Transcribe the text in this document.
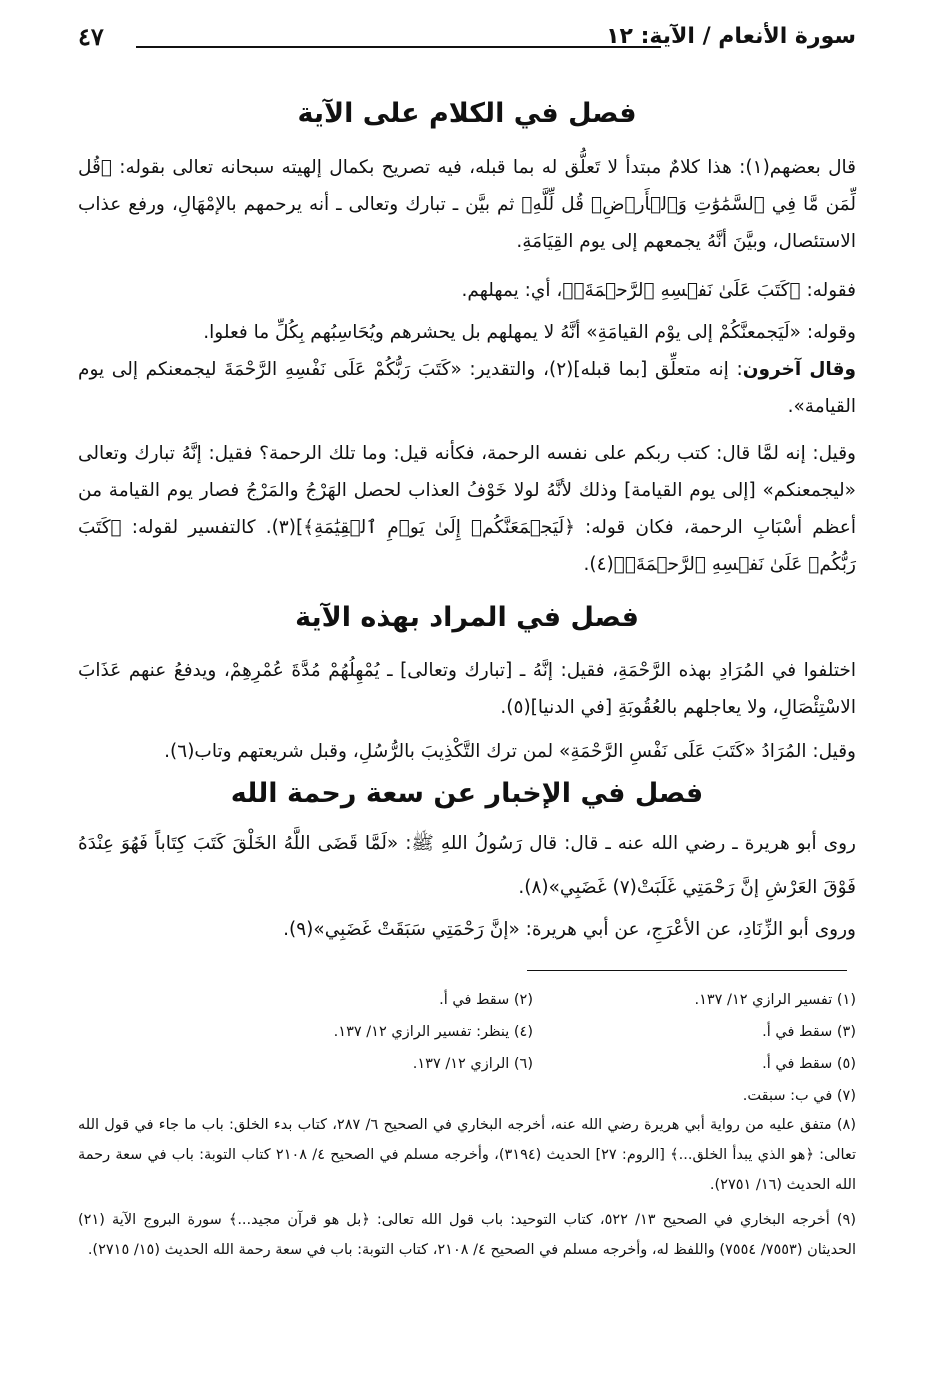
سورة الأنعام / الآية: ١٢
٤٧
فصل في الكلام على الآية
قال بعضهم(١): هذا كلامٌ مبتدأ لا تَعلُّق له بما قبله، فيه تصريح بكمال إلهيته سبحانه تعالى بقوله: ﴿قُل لِّمَن مَّا فِي ٱلسَّمَٰوَٰتِ وَٱلۡأَرۡضِۖ قُل لِّلَّهِ﴾ ثم بيَّن ـ تبارك وتعالى ـ أنه يرحمهم بالإمْهَالِ، ورفع عذاب الاستئصال، وبيَّنَ أنَّهُ يجمعهم إلى يوم القِيَامَةِ.
فقوله: ﴿كَتَبَ عَلَىٰ نَفۡسِهِ ٱلرَّحۡمَةَۚ﴾، أي: يمهلهم.
وقوله: «لَيَجمعنَّكُمْ إلى يوْم القيامَةِ» أنَّهُ لا يمهلهم بل يحشرهم ويُحَاسِبُهم بِكُلِّ ما فعلوا.
وقال آخرون: إنه متعلِّق [بما قبله](٢)، والتقدير: «كَتَبَ رَبُّكُمْ عَلَى نَفْسِهِ الرَّحْمَةَ ليجمعنكم إلى يوم القيامة».
وقيل: إنه لمَّا قال: كتب ربكم على نفسه الرحمة، فكأنه قيل: وما تلك الرحمة؟ فقيل: إنَّهُ تبارك وتعالى «ليجمعنكم» [إلى يوم القيامة] وذلك لأنَّهُ لولا خَوْفُ العذاب لحصل الهَرْجُ والمَرْجُ فصار يوم القيامة من أعظم أسْبَابِ الرحمة، فكان قوله: ﴿لَيَجۡمَعَنَّكُمۡ إِلَىٰ يَوۡمِ ٱلۡقِيَٰمَةِ﴾](٣). كالتفسير لقوله: ﴿كَتَبَ رَبُّكُمۡ عَلَىٰ نَفۡسِهِ ٱلرَّحۡمَةَۖ﴾(٤).
فصل في المراد بهذه الآية
اختلفوا في المُرَادِ بهذه الرَّحْمَةِ، فقيل: إنَّهُ ـ [تبارك وتعالى] ـ يُمْهِلُهُمْ مُدَّةَ عُمْرِهِمْ، ويدفعُ عنهم عَذَابَ الاسْتِئْصَالِ، ولا يعاجلهم بالعُقُوبَةِ [في الدنيا](٥).
وقيل: المُرَادُ «كَتَبَ عَلَى نَفْسِ الرَّحْمَةِ» لمن ترك التَّكْذِيبَ بالرُّسُلِ، وقبل شريعتهم وتاب(٦).
فصل في الإخبار عن سعة رحمة الله
روى أبو هريرة ـ رضي الله عنه ـ قال: قال رَسُولُ اللهِ ﷺ: «لَمَّا قَضَى اللَّهُ الخَلْقَ كَتَبَ كِتَاباً فَهُوَ عِنْدَهُ فَوْقَ العَرْشِ إنَّ رَحْمَتِي غَلَبَتْ(٧) غَضَبِي»(٨).
وروى أبو الزِّنَادِ، عن الأعْرَجِ، عن أبي هريرة: «إنَّ رَحْمَتِي سَبَقَتْ غَضَبِي»(٩).
(١) تفسير الرازي ١٢/ ١٣٧.
(٢) سقط في أ.
(٣) سقط في أ.
(٤) ينظر: تفسير الرازي ١٢/ ١٣٧.
(٥) سقط في أ.
(٦) الرازي ١٢/ ١٣٧.
(٧) في ب: سبقت.
(٨) متفق عليه من رواية أبي هريرة رضي الله عنه، أخرجه البخاري في الصحيح ٦/ ٢٨٧، كتاب بدء الخلق: باب ما جاء في قول الله تعالى: ﴿هو الذي يبدأ الخلق...﴾ [الروم: ٢٧] الحديث (٣١٩٤)، وأخرجه مسلم في الصحيح ٤/ ٢١٠٨ كتاب التوبة: باب في سعة رحمة الله الحديث (١٦/ ٢٧٥١).
(٩) أخرجه البخاري في الصحيح ١٣/ ٥٢٢، كتاب التوحيد: باب قول الله تعالى: ﴿بل هو قرآن مجيد...﴾ سورة البروج الآية (٢١) الحديثان (٧٥٥٣/ ٧٥٥٤) واللفظ له، وأخرجه مسلم في الصحيح ٤/ ٢١٠٨، كتاب التوبة: باب في سعة رحمة الله الحديث (١٥/ ٢٧١٥).
